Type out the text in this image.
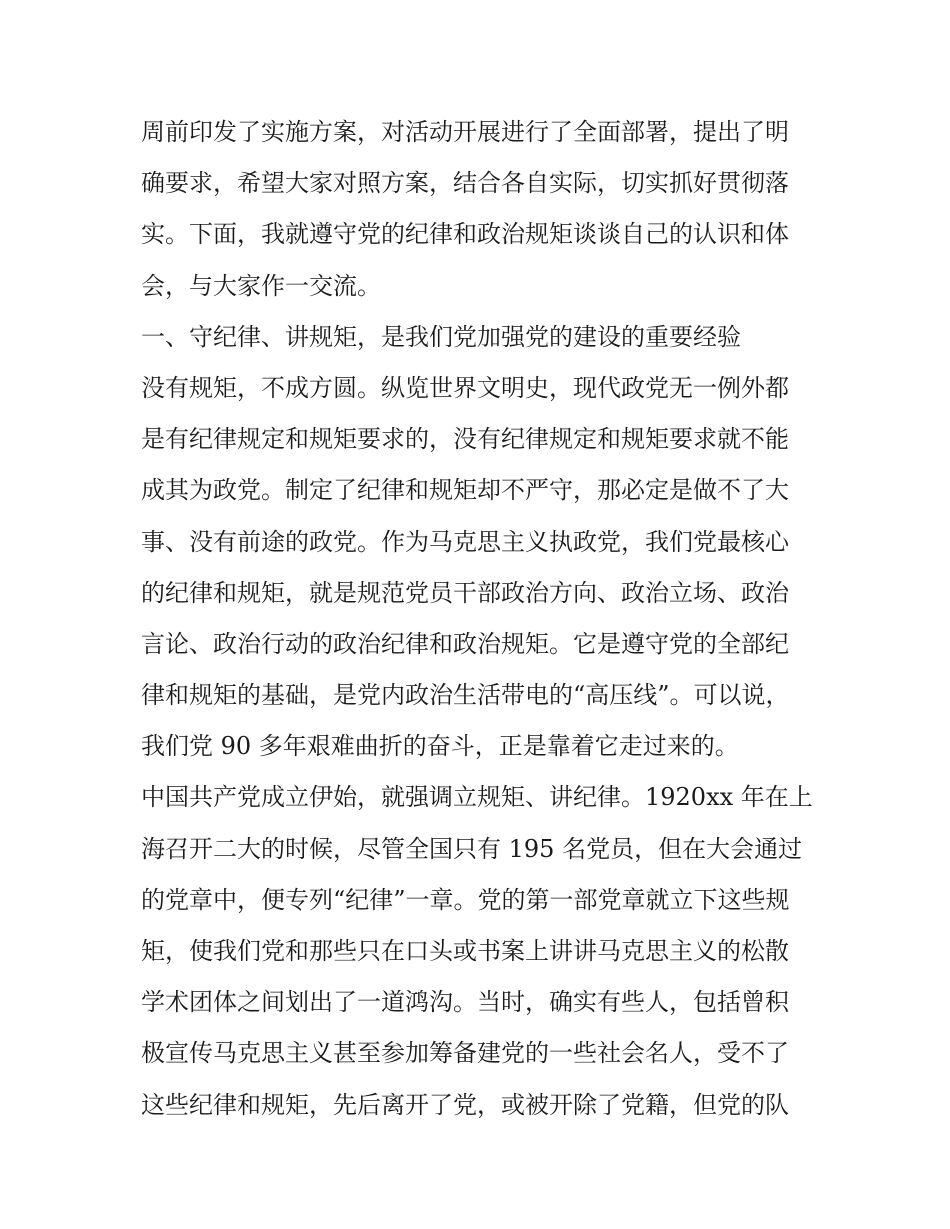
周前印发了实施方案，对活动开展进行了全面部署，提出了明
确要求，希望大家对照方案，结合各自实际，切实抓好贯彻落
实。下面，我就遵守党的纪律和政治规矩谈谈自己的认识和体
会，与大家作一交流。
一、守纪律、讲规矩，是我们党加强党的建设的重要经验
没有规矩，不成方圆。纵览世界文明史，现代政党无一例外都
是有纪律规定和规矩要求的，没有纪律规定和规矩要求就不能
成其为政党。制定了纪律和规矩却不严守，那必定是做不了大
事、没有前途的政党。作为马克思主义执政党，我们党最核心
的纪律和规矩，就是规范党员干部政治方向、政治立场、政治
言论、政治行动的政治纪律和政治规矩。它是遵守党的全部纪
律和规矩的基础，是党内政治生活带电的“高压线”。可以说，
我们党 90 多年艰难曲折的奋斗，正是靠着它走过来的。
中国共产党成立伊始，就强调立规矩、讲纪律。1920xx 年在上
海召开二大的时候，尽管全国只有 195 名党员，但在大会通过
的党章中，便专列“纪律”一章。党的第一部党章就立下这些规
矩，使我们党和那些只在口头或书案上讲讲马克思主义的松散
学术团体之间划出了一道鸿沟。当时，确实有些人，包括曾积
极宣传马克思主义甚至参加筹备建党的一些社会名人，受不了
这些纪律和规矩，先后离开了党，或被开除了党籍，但党的队
